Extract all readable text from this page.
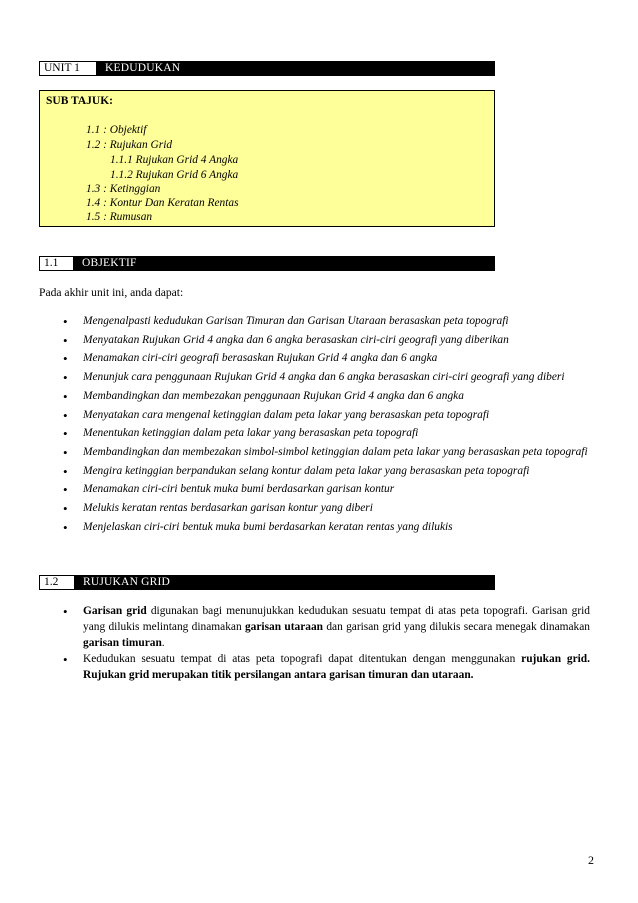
UNIT 1	KEDUDUKAN
SUB TAJUK:
1.1 : Objektif
1.2 : Rujukan Grid
1.1.1 Rujukan Grid 4 Angka
1.1.2 Rujukan Grid 6 Angka
1.3 : Ketinggian
1.4 : Kontur Dan Keratan Rentas
1.5 : Rumusan
1.1	OBJEKTIF
Pada akhir unit ini, anda dapat:
• Mengenalpasti kedudukan Garisan Timuran dan Garisan Utaraan berasaskan peta topografi
• Menyatakan Rujukan Grid 4 angka dan 6 angka berasaskan ciri-ciri geografi yang diberikan
• Menamakan ciri-ciri geografi berasaskan Rujukan Grid 4 angka dan 6 angka
• Menunjuk cara penggunaan Rujukan Grid 4 angka dan 6 angka berasaskan ciri-ciri geografi yang diberi
• Membandingkan dan membezakan penggunaan Rujukan Grid 4 angka dan 6 angka
• Menyatakan cara mengenal ketinggian dalam peta lakar yang berasaskan peta topografi
• Menentukan ketinggian dalam peta lakar yang berasaskan peta topografi
• Membandingkan dan membezakan simbol-simbol ketinggian dalam peta lakar yang berasaskan peta topografi
• Mengira ketinggian berpandukan selang kontur dalam peta lakar yang berasaskan peta topografi
• Menamakan ciri-ciri bentuk muka bumi berdasarkan garisan kontur
• Melukis keratan rentas berdasarkan garisan kontur yang diberi
• Menjelaskan ciri-ciri bentuk muka bumi berdasarkan keratan rentas yang dilukis
1.2	RUJUKAN GRID
• Garisan grid digunakan bagi menunujukkan kedudukan sesuatu tempat di atas peta topografi. Garisan grid yang dilukis melintang dinamakan garisan utaraan dan garisan grid yang dilukis secara menegak dinamakan garisan timuran.
• Kedudukan sesuatu tempat di atas peta topografi dapat ditentukan dengan menggunakan rujukan grid. Rujukan grid merupakan titik persilangan antara garisan timuran dan utaraan.
2
